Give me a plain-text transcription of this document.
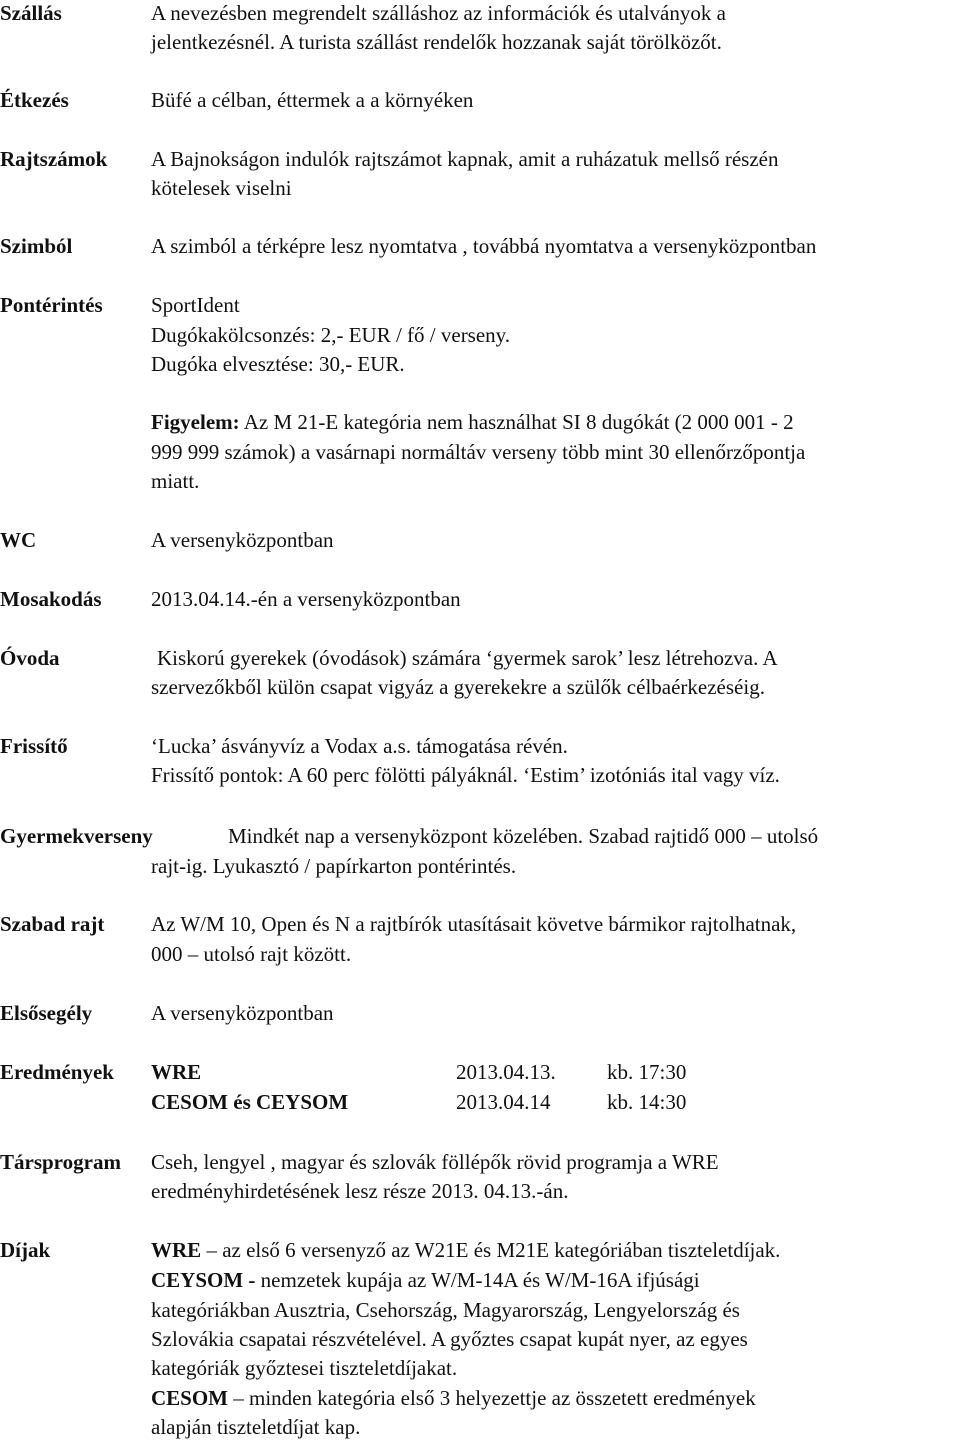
Szállás	A nevezésben megrendelt szálláshoz az információk és utalványok a
jelentkezésnél. A turista szállást rendelők hozzanak saját törölközőt.
Étkezés	Büfé a célban, éttermek a a környéken
Rajtszámok A Bajnokságon indulók rajtszámot kapnak, amit a ruházatuk mellső részén
kötelesek viselni
Szimból	A szimból a térképre lesz nyomtatva , továbbá nyomtatva a versenyközpontban
Pontérintés SportIdent
Dugókakölcsonzés: 2,- EUR / fő / verseny.
Dugóka elvesztése: 30,- EUR.
Figyelem: Az M 21-E kategória nem használhat SI 8 dugókát (2 000 001 - 2
999 999 számok) a vasárnapi normáltáv verseny több mint 30 ellenőrzőpontja
miatt.
WC	A versenyközpontban
Mosakodás 2013.04.14.-én a versenyközpontban
Óvoda	Kiskorú gyerekek (óvodások) számára ‘gyermek sarok’ lesz létrehozva. A
szervezőkből külön csapat vigyáz a gyerekekre a szülők célbaérkezéséig.
Frissítő	‘Lucka’ ásványvíz a Vodax a.s. támogatása révén.
Frissítő pontok: A 60 perc fölötti pályáknál. ‘Estim’ izotóniás ital vagy víz.
Gyermekverseny	Mindkét nap a versenyközpont közelében. Szabad rajtidő 000 – utolsó
rajt-ig. Lyukasztó / papírkarton pontérintés.
Szabad rajt Az W/M 10, Open és N a rajtbírók utasításait követve bármikor rajtolhatnak,
000 – utolsó rajt között.
Elsősegély	A versenyközpontban
Eredmények WRE	2013.04.13. kb. 17:30
CESOM és CEYSOM	2013.04.14	kb. 14:30
Társprogram Cseh, lengyel , magyar és szlovák föllépők rövid programja a WRE
eredményhirdetésének lesz része 2013. 04.13.-án.
Díjak	WRE – az első 6 versenyző az W21E és M21E kategóriában tiszteletdíjak.
CEYSOM - nemzetek kupája az W/M-14A és W/M-16A ifjúsági
kategóriákban Ausztria, Csehország, Magyarország, Lengyelország és
Szlovákia csapatai részvételével. A győztes csapat kupát nyer, az egyes
kategóriák győztesei tiszteletdíjakat.
CESOM – minden kategória első 3 helyezettje az összetett eredmények
alapján tiszteletdíjat kap.
